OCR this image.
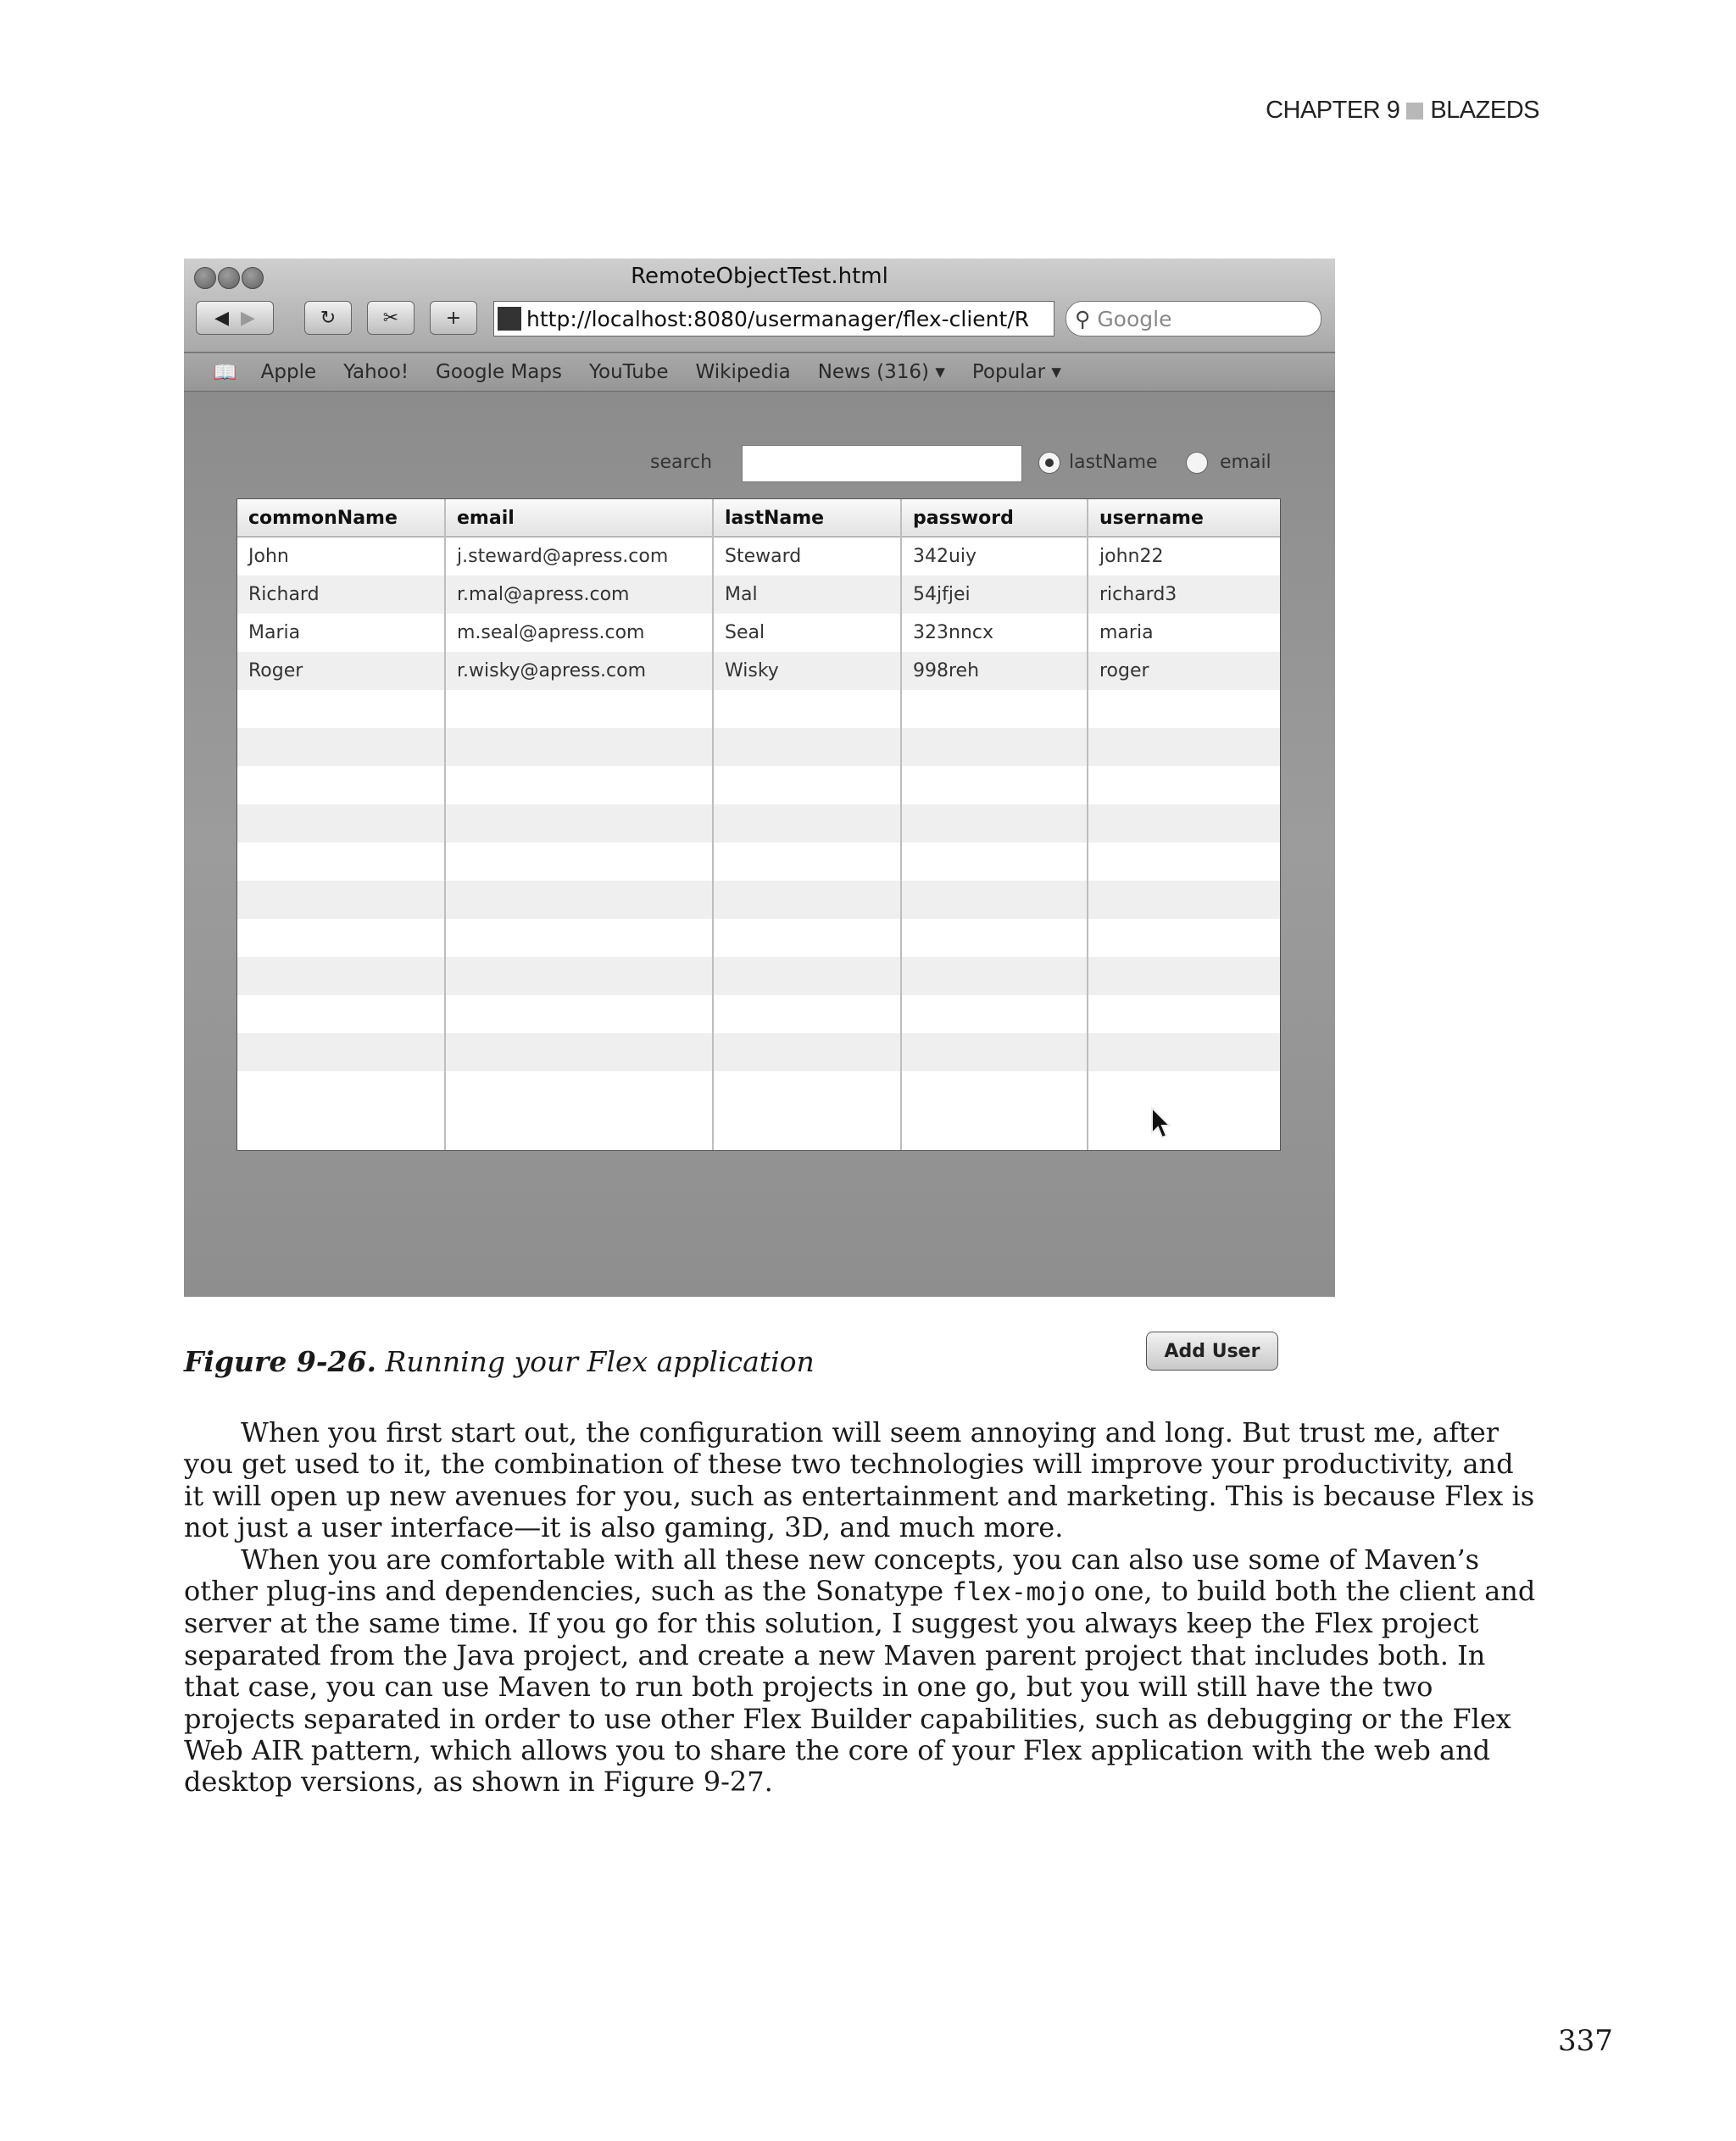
CHAPTER 9 BLAZEDS
RemoteObjectTest.html
◀
▶	↻	✂	+	http://localhost:8080/usermanager/flex-client/R ⚲ Google
📖 Apple Yahoo! Google Maps YouTube Wikipedia News (316) ▾ Popular ▾
search	lastName	email
commonName	email	lastName	password	username
John	j.steward@apress.com	Steward	342uiy	john22
Richard	r.mal@apress.com	Mal	54jfjei	richard3
Maria	m.seal@apress.com	Seal	323nncx	maria
Roger	r.wisky@apress.com	Wisky	998reh	roger
Add User
Figure 9-26. Running your Flex application

When you first start out, the configuration will seem annoying and long. But trust me, after you get used to it, the combination of these two technologies will improve your productivity, and it will open up new avenues for you, such as entertainment and marketing. This is because Flex is not just a user interface—it is also gaming, 3D, and much more.

When you are comfortable with all these new concepts, you can also use some of Maven’s other plug-ins and dependencies, such as the Sonatype flex-mojo one, to build both the client and server at the same time. If you go for this solution, I suggest you always keep the Flex project separated from the Java project, and create a new Maven parent project that includes both. In that case, you can use Maven to run both projects in one go, but you will still have the two projects separated in order to use other Flex Builder capabilities, such as debugging or the Flex Web AIR pattern, which allows you to share the core of your Flex application with the web and desktop versions, as shown in Figure 9-27.

337
